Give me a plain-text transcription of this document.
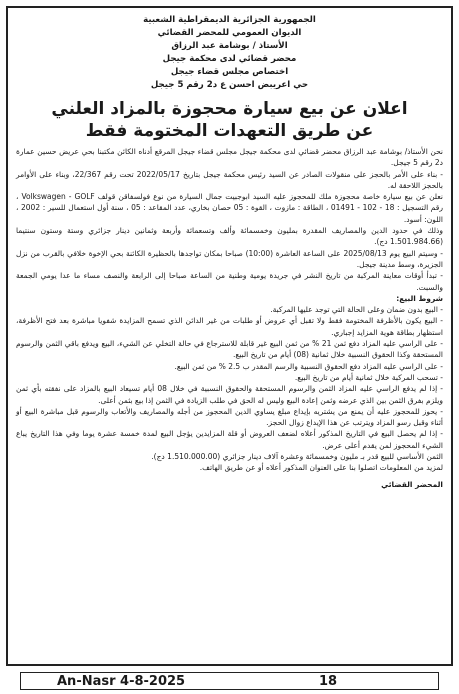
الجمهورية الجزائرية الديمقراطية الشعبية
الديوان العمومي للمحضر القضائي
الأستاذ / بوشامة عبد الرزاق
محضر قضائي لدى محكمة جيجل
اختصاص مجلس قضاء جيجل
حي اعريبض احسن ع د2 رقم 5 جيجل
اعلان عن بيع سيارة محجوزة بالمزاد العلني
عن طريق التعهدات المختومة فقط

نحن الأستاذ/ بوشامة عبد الرزاق محضر قضائي لدى محكمة جيجل مجلس قضاء جيجل المرقع أدناه الكائن مكتبنا بحي عريض حسين عمارة د2 رقم 5 جيجل.

- بناء على الأمر بالحجز على منقولات الصادر عن السيد رئيس محكمة جيجل بتاريخ 2022/05/17 تحت رقم 22/367، وبناء على الأوامر بالحجز اللاحقة له.

نعلن عن بيع سيارة خاصة محجوزة ملك للمحجوز عليه السيد ابوجبيت جمال السيارة من نوع فولسفاقن قولف Volkswagen - GOLF ، رقم التسجيل : 18 - 102 - 01491 ، الطاقة : مازوت ، القوة : 05 حصان بخاري، عدد المقاعد : 05 ، سنة أول استعمال للسير : 2002 ، اللون: أسود.

وذلك في حدود الدين والمصاريف المقدرة بمليون وخمسمائة وألف وتسعمائة وأربعة وثمانين دينار جزائري وستة وستون سنتيما (1.501.984.66 دج).

- وسيتم البيع يوم 2025/08/13 على الساعة العاشرة (10:00) صباحا بمكان تواجدها بالحظيرة الكائنة بحي الإخوة خلافي بالقرب من نزل الجزيرة، وسط مدينة جيجل.

- تبدأ أوقات معاينة المركبة من تاريخ النشر في جريدة يومية وطنية من الساعة صباحا إلى الرابعة والنصف مساء ما عدا يومي الجمعة والسبت.

شروط البيع:

- البيع بدون ضمان وعلى الحالة التي توجد عليها المركبة.

- البيع يكون بالأظرفة المختومة فقط ولا تقبل أي عروض أو طلبات من غير الدائن الذي تسمح المزايدة شفويا مباشرة بعد فتح الأظرفة، استظهار بطاقة هوية المزايد إجباري.

- على الراسي عليه المزاد دفع ثمن 21 % من ثمن البيع غير قابلة للاسترجاع في حالة التخلي عن الشيء، البيع ويدفع باقي الثمن والرسوم المستحقة وكذا الحقوق النسبية خلال ثمانية (08) أيام من تاريخ البيع.

- على الراسي عليه المزاد دفع الحقوق النسبية والرسم المقدر ب 2.5 % من ثمن البيع.

- تسحب المركبة خلال ثمانية أيام من تاريخ البيع.

- إذا لم يدفع الراسي عليه المزاد الثمن والرسوم المستحقة والحقوق النسبية في خلال 08 أيام تسيعاد البيع بالمزاد على نفقته بأي ثمن ويلزم بفرق الثمن بين الذي عرضه وثمن إعادة البيع وليس له الحق في طلب الزيادة في الثمن إذا بيع بثمن أعلى.

- يحوز للمحجوز عليه أن يمنع من يشتريه بإيداع مبلغ يساوي الدين المحجوز من أجله والمصاريف والأتعاب والرسوم قبل مباشرة البيع أو أثناء وقبل رسو المزاد ويترتب عن هذا الإيداع زوال الحجز.

- إذا لم يحصل البيع في التاريخ المذكور أعلاه لضعف العروض أو قلة المزايدين يؤجل البيع لمدة خمسة عشرة يوما وفي هذا التاريخ يباع الشيء المحجوز لمن يقدم أعلى عرض.

الثمن الأساسي للبيع قدر بـ مليون وخمسمائة وعشرة آلاف دينار جزائري (1.510.000.00 دج).

لمزيد من المعلومات اتصلوا بنا على العنوان المذكور أعلاه أو عن طريق الهاتف.

المحضر القضائي
An-Nasr 4-8-2025	18
